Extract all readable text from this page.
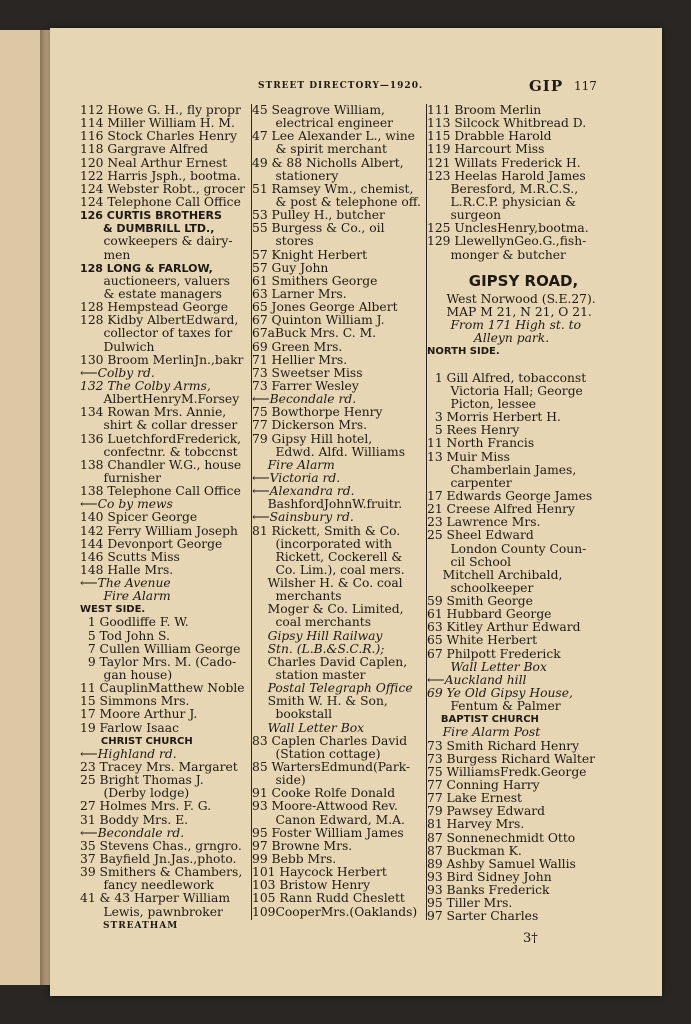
STREET DIRECTORY—1920.	GIP 117
112 Howe G. H., fly propr
114 Miller William H. M.
116 Stock Charles Henry
118 Gargrave Alfred
120 Neal Arthur Ernest
122 Harris Jsph., bootma.
124 Webster Robt., grocer
124 Telephone Call Office
126 CURTIS BROTHERS
& DUMBRILL LTD.,
cowkeepers & dairy-
men
128 LONG & FARLOW,
auctioneers, valuers
& estate managers
128 Hempstead George
128 Kidby AlbertEdward,
collector of taxes for
Dulwich
130 Broom MerlinJn.,bakr
⟵Colby rd.
132 The Colby Arms,
AlbertHenryM.Forsey
134 Rowan Mrs. Annie,
shirt & collar dresser
136 LuetchfordFrederick,
confectnr. & tobccnst
138 Chandler W.G., house
furnisher
138 Telephone Call Office
⟵Co by mews
140 Spicer George
142 Ferry William Joseph
144 Devonport George
146 Scutts Miss
148 Halle Mrs.
⟵The Avenue
Fire Alarm
WEST SIDE.
1 Goodliffe F. W.
5 Tod John S.
7 Cullen William George
9 Taylor Mrs. M. (Cado-
gan house)
11 CauplinMatthew Noble
15 Simmons Mrs.
17 Moore Arthur J.
19 Farlow Isaac
CHRIST CHURCH
⟵Highland rd.
23 Tracey Mrs. Margaret
25 Bright Thomas J.
(Derby lodge)
27 Holmes Mrs. F. G.
31 Boddy Mrs. E.
⟵Becondale rd.
35 Stevens Chas., grngro.
37 Bayfield Jn.Jas.,photo.
39 Smithers & Chambers,
fancy needlework
41 & 43 Harper William
Lewis, pawnbroker
45 Seagrove William,
electrical engineer
47 Lee Alexander L., wine
& spirit merchant
49 & 88 Nicholls Albert,
stationery
51 Ramsey Wm., chemist,
& post & telephone off.
53 Pulley H., butcher
55 Burgess & Co., oil
stores
57 Knight Herbert
57 Guy John
61 Smithers George
63 Larner Mrs.
65 Jones George Albert
67 Quinton William J.
67aBuck Mrs. C. M.
69 Green Mrs.
71 Hellier Mrs.
73 Sweetser Miss
73 Farrer Wesley
⟵Becondale rd.
75 Bowthorpe Henry
77 Dickerson Mrs.
79 Gipsy Hill hotel,
Edwd. Alfd. Williams
Fire Alarm
⟵Victoria rd.
⟵Alexandra rd.
BashfordJohnW.fruitr.
⟵Sainsbury rd.
81 Rickett, Smith & Co.
(incorporated with
Rickett, Cockerell &
Co. Lim.), coal mers.
Wilsher H. & Co. coal
merchants
Moger & Co. Limited,
coal merchants
Gipsy Hill Railway
Stn. (L.B.&S.C.R.);
Charles David Caplen,
station master
Postal Telegraph Office
Smith W. H. & Son,
bookstall
Wall Letter Box
83 Caplen Charles David
(Station cottage)
85 WartersEdmund(Park-
side)
91 Cooke Rolfe Donald
93 Moore-Attwood Rev.
Canon Edward, M.A.
95 Foster William James
97 Browne Mrs.
99 Bebb Mrs.
101 Haycock Herbert
103 Bristow Henry
105 Rann Rudd Cheslett
109CooperMrs.(Oaklands)
111 Broom Merlin
113 Silcock Whitbread D.
115 Drabble Harold
119 Harcourt Miss
121 Willats Frederick H.
123 Heelas Harold James
Beresford, M.R.C.S.,
L.R.C.P. physician &
surgeon
125 UnclesHenry,bootma.
129 LlewellynGeo.G.,fish-
monger & butcher
GIPSY ROAD,
West Norwood (S.E.27).
MAP M 21, N 21, O 21.
From 171 High st. to
Alleyn park.
NORTH SIDE.
1 Gill Alfred, tobacconst
Victoria Hall; George
Picton, lessee
3 Morris Herbert H.
5 Rees Henry
11 North Francis
13 Muir Miss
Chamberlain James,
carpenter
17 Edwards George James
21 Creese Alfred Henry
23 Lawrence Mrs.
25 Sheel Edward
London County Coun-
cil School
Mitchell Archibald,
schoolkeeper
59 Smith George
61 Hubbard George
63 Kitley Arthur Edward
65 White Herbert
67 Philpott Frederick
Wall Letter Box
⟵Auckland hill
69 Ye Old Gipsy House,
Fentum & Palmer
BAPTIST CHURCH
Fire Alarm Post
73 Smith Richard Henry
73 Burgess Richard Walter
75 WilliamsFredk.George
77 Conning Harry
77 Lake Ernest
79 Pawsey Edward
81 Harvey Mrs.
87 Sonnenechmidt Otto
87 Buckman K.
89 Ashby Samuel Wallis
93 Bird Sidney John
93 Banks Frederick
95 Tiller Mrs.
97 Sarter Charles
STREATHAM
3†
